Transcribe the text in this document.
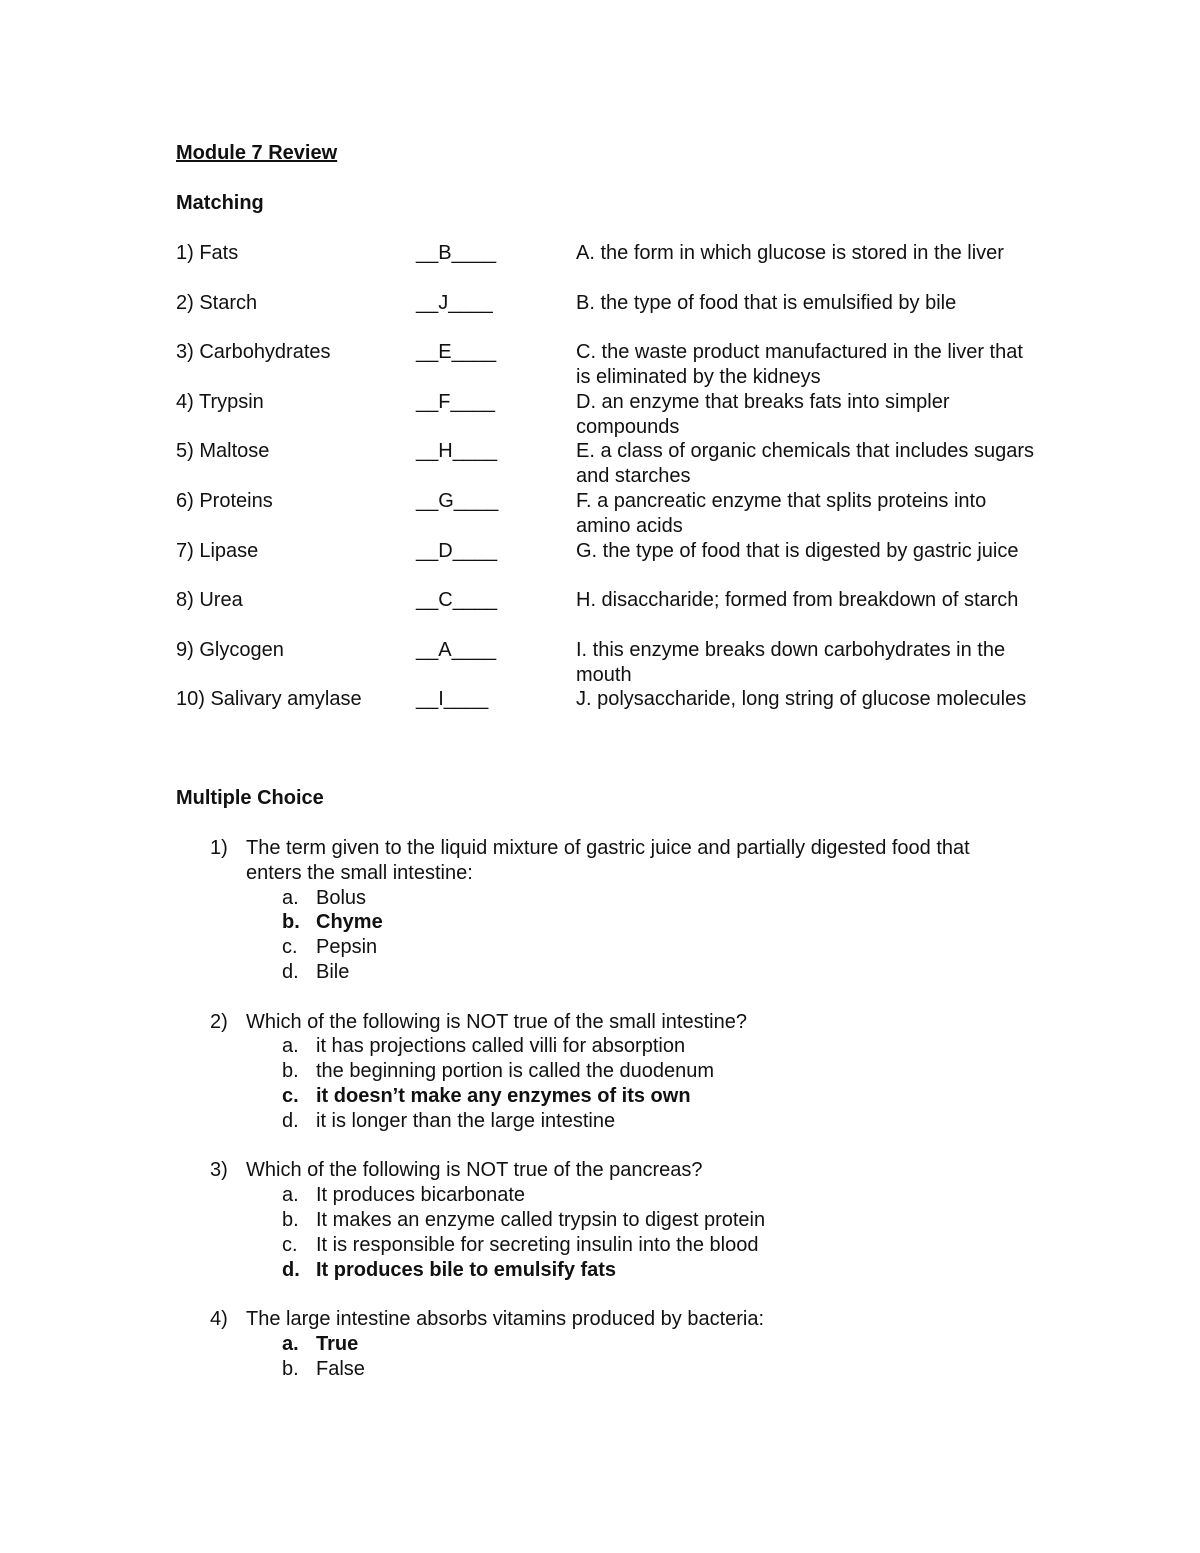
Module 7 Review
Matching
1) Fats	__B____	A. the form in which glucose is stored in the liver
2) Starch	__J____	B. the type of food that is emulsified by bile
3) Carbohydrates	__E____	C. the waste product manufactured in the liver that is eliminated by the kidneys
4) Trypsin	__F____	D. an enzyme that breaks fats into simpler compounds
5) Maltose	__H____	E. a class of organic chemicals that includes sugars and starches
6) Proteins	__G____	F. a pancreatic enzyme that splits proteins into amino acids
7) Lipase	__D____	G. the type of food that is digested by gastric juice
8) Urea	__C____	H. disaccharide; formed from breakdown of starch
9) Glycogen	__A____	I. this enzyme breaks down carbohydrates in the mouth
10) Salivary amylase	__I____	J. polysaccharide, long string of glucose molecules
Multiple Choice
1) The term given to the liquid mixture of gastric juice and partially digested food that enters the small intestine:
a. Bolus
b. Chyme
c. Pepsin
d. Bile
2) Which of the following is NOT true of the small intestine?
a. it has projections called villi for absorption
b. the beginning portion is called the duodenum
c. it doesn’t make any enzymes of its own
d. it is longer than the large intestine
3) Which of the following is NOT true of the pancreas?
a. It produces bicarbonate
b. It makes an enzyme called trypsin to digest protein
c. It is responsible for secreting insulin into the blood
d. It produces bile to emulsify fats
4) The large intestine absorbs vitamins produced by bacteria:
a. True
b. False
